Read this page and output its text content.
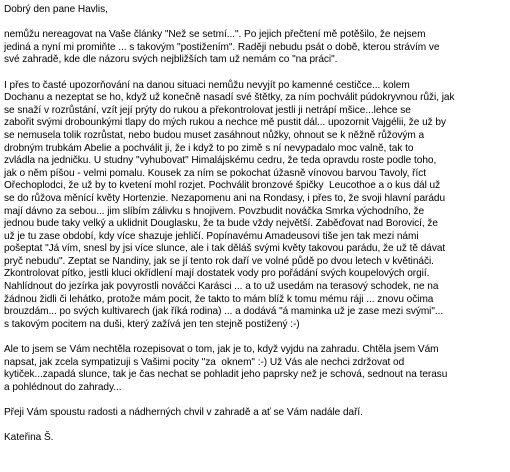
Dobrý den pane Havlis,

nemůžu nereagovat na Vaše články "Než se setmí...". Po jejich přečtení mě potěšilo, že nejsem
jediná a nyní mi promiňte ... s takovým "postižením". Raději nebudu psát o době, kterou strávím ve
své zahradě, kde dle názoru svých nejbližších tam už nemám co "na práci".

I přes to časté upozorňování na danou situaci nemůžu nevyjít po kamenné cestičce... kolem
Dochanu a nezeptat se ho, když už konečně nasadí své štětky, za ním pochválit púdokryvnou růži, jak
se snaží v rozrůstání, vzít její prýty do rukou a překontrolovat jestli ji netrápí mšice...lehce se
zabořit svými drobounkými tlapy do mých rukou a nechce mě pustit dál... upozornit Vajgélii, že už by
se nemusela tolik rozrůstat, nebo budou muset zasáhnout nůžky, ohnout se k něžně růžovým a
drobným trubkám Abelie a pochválit ji, že i když to po zimě s ní nevypadalo moc valně, tak to
zvládla na jedničku. U studny "vyhubovat" Himalájskému cedru, že teda opravdu roste podle toho,
jak o něm píšou - velmi pomalu. Kousek za ním se pokochat úžasně vínovou barvou Tavoly, říct
Ořechoplodci, že už by to kvetení mohl rozjet. Pochválit bronzové špičky  Leucothoe a o kus dál už
se do růžova měnící květy Hortenzie. Nezapomenu ani na Rondasy, i přes to, že svoji hlavní parádu
mají dávno za sebou... jim slíbím zálivku s hnojivem. Povzbudit nováčka Smrka východního, že
jednou bude taky velký a uklidnit Douglasku, že ta bude vždy největší. Zaběďovat nad Borovicí, že
už je tu zase období, kdy více shazuje jehličí. Popínavému Amadeusovi tiše jen tak mezi námi
pošeptat "Já vím, snesl by jsi více slunce, ale i tak děláš svými květy takovou parádu, že už tě dávat
pryč nebudu". Zeptat se Nandiny, jak se jí tento rok daří ve volné půdě po dvou letech v květináči.
Zkontrolovat pítko, jestli kluci okřídlení mají dostatek vody pro pořádání svých koupelových orgií.
Nahlídnout do jezírka jak povyrostli nováčci Karásci ... a to už usedám na terasový schodek, ne na
žádnou židli či lehátko, protože mám pocit, že takto to mám blíž k tomu mému ráji ... znovu očima
brouzdám... po svých kultivarech (jak říká rodina) ... a dodává "á maminka už je zase mezi svými"...
s takovým pocitem na duši, který zažívá jen ten stejně postižený :-)

Ale to jsem se Vám nechtěla rozepisovat o tom, jak je to, když vyjdu na zahradu. Chtěla jsem Vám
napsat, jak zcela sympatizuji s Vašimi pocity "za  oknem" :-) Už Vás ale nechci zdržovat od
kytiček...zapadá slunce, tak je čas nechat se pohladit jeho paprsky než je schová, sednout na terasu
a pohlédnout do zahrady...

Přeji Vám spoustu radosti a nádherných chvil v zahradě a ať se Vám nadále daří.

Kateřina Š.
